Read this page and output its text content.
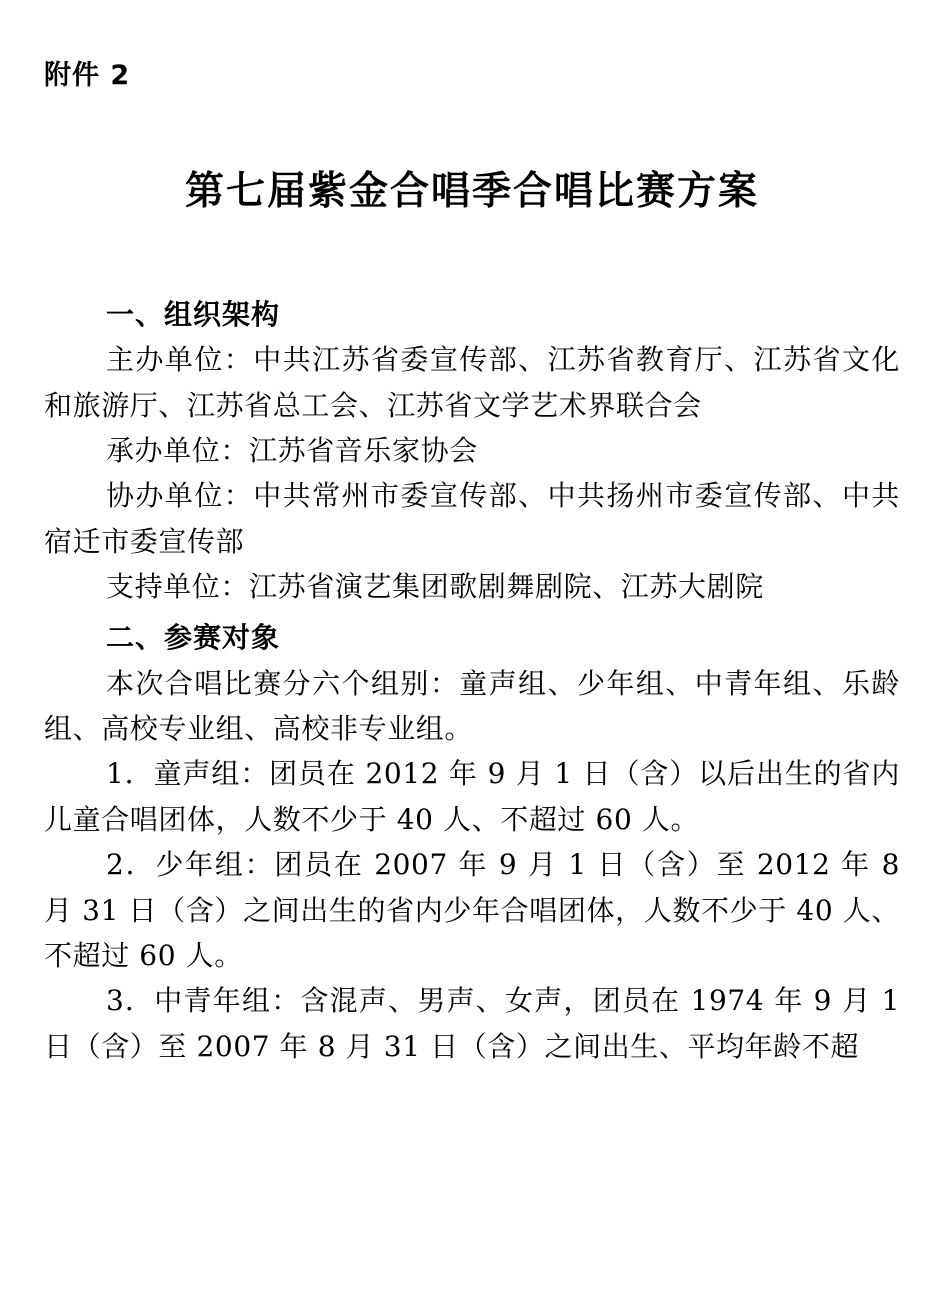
附件 2
第七届紫金合唱季合唱比赛方案
一、组织架构

主办单位：中共江苏省委宣传部、江苏省教育厅、江苏省文化和旅游厅、江苏省总工会、江苏省文学艺术界联合会

承办单位：江苏省音乐家协会

协办单位：中共常州市委宣传部、中共扬州市委宣传部、中共宿迁市委宣传部

支持单位：江苏省演艺集团歌剧舞剧院、江苏大剧院

二、参赛对象

本次合唱比赛分六个组别：童声组、少年组、中青年组、乐龄组、高校专业组、高校非专业组。

1．童声组：团员在 2012 年 9 月 1 日（含）以后出生的省内儿童合唱团体，人数不少于 40 人、不超过 60 人。

2．少年组：团员在 2007 年 9 月 1 日（含）至 2012 年 8 月 31 日（含）之间出生的省内少年合唱团体，人数不少于 40 人、不超过 60 人。

3．中青年组：含混声、男声、女声，团员在 1974 年 9 月 1 日（含）至 2007 年 8 月 31 日（含）之间出生、平均年龄不超
